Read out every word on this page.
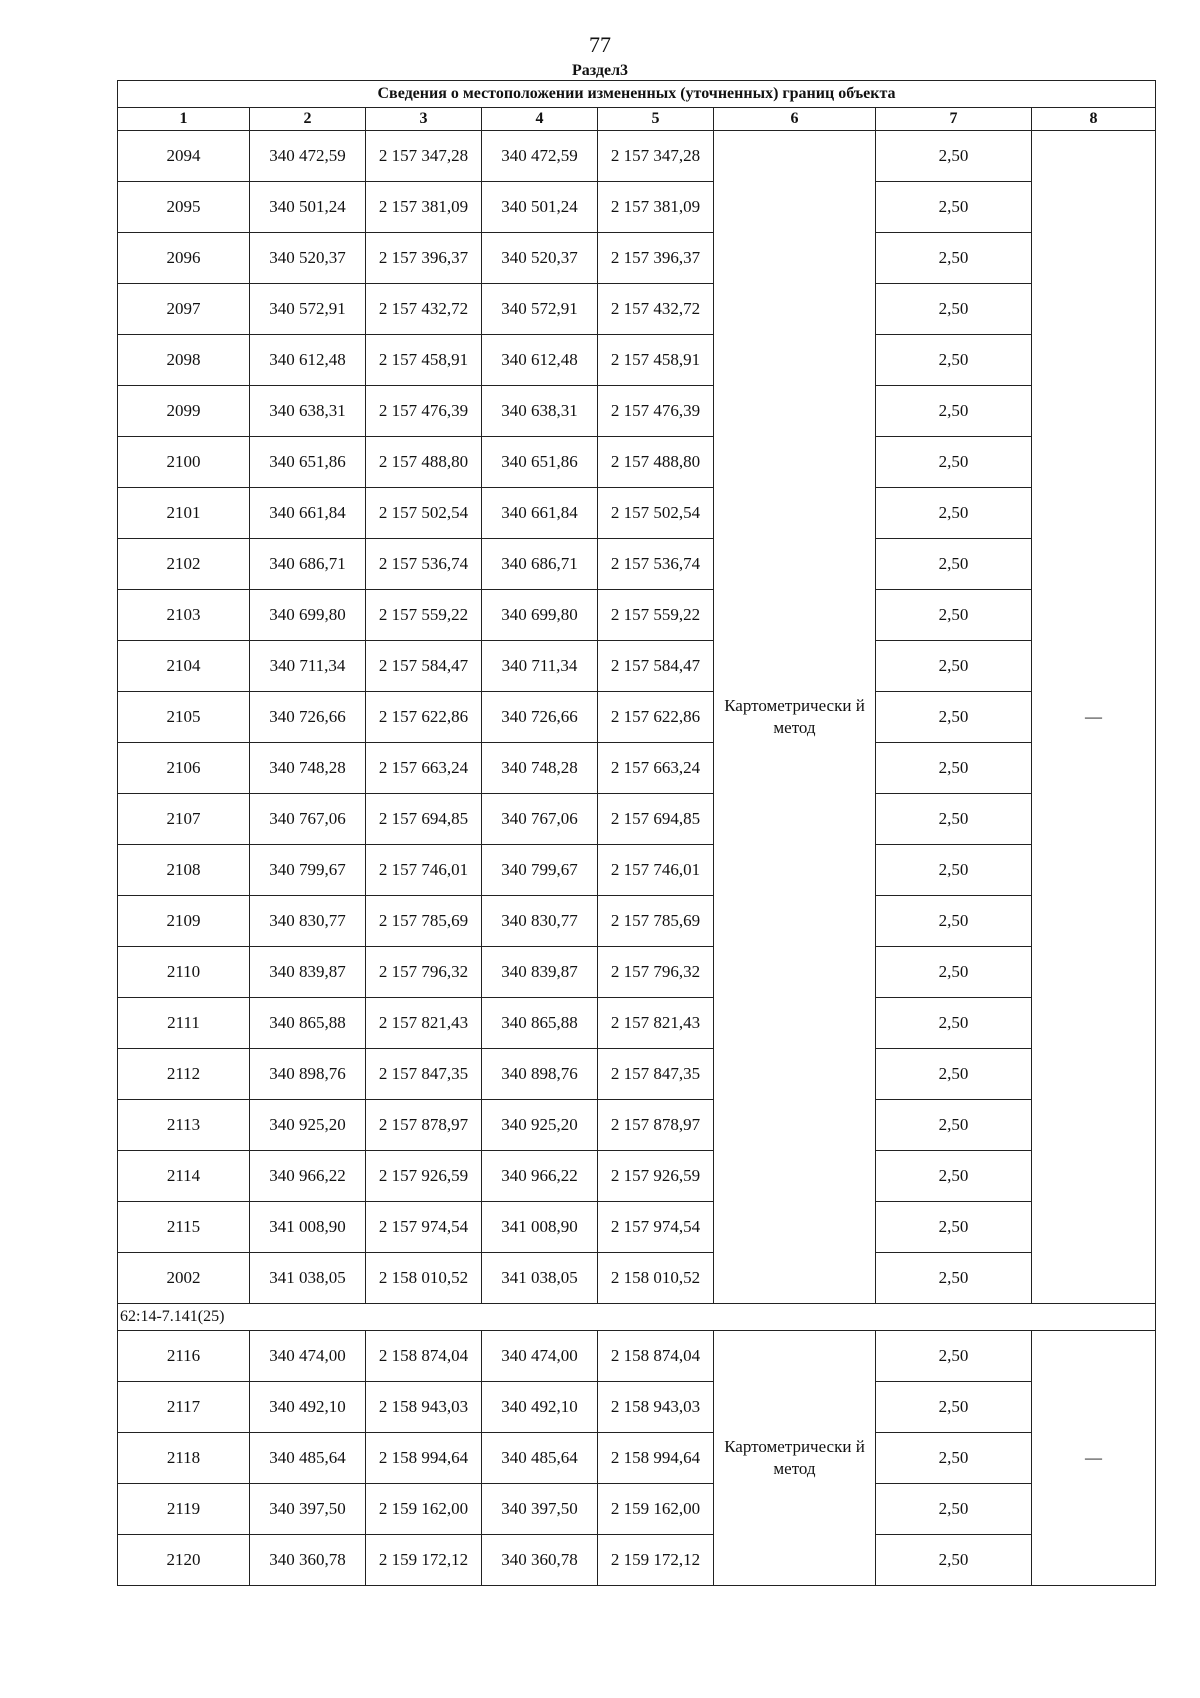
77
Раздел3
Сведения о местоположении измененных (уточненных) границ объекта							
1	2	3	4	5	6	7	8
2094	340 472,59	2 157 347,28	340 472,59	2 157 347,28	Картометрически й метод	2,50	—
2095	340 501,24	2 157 381,09	340 501,24	2 157 381,09		2,50	
2096	340 520,37	2 157 396,37	340 520,37	2 157 396,37		2,50	
2097	340 572,91	2 157 432,72	340 572,91	2 157 432,72		2,50	
2098	340 612,48	2 157 458,91	340 612,48	2 157 458,91		2,50	
2099	340 638,31	2 157 476,39	340 638,31	2 157 476,39		2,50	
2100	340 651,86	2 157 488,80	340 651,86	2 157 488,80		2,50	
2101	340 661,84	2 157 502,54	340 661,84	2 157 502,54		2,50	
2102	340 686,71	2 157 536,74	340 686,71	2 157 536,74		2,50	
2103	340 699,80	2 157 559,22	340 699,80	2 157 559,22		2,50	
2104	340 711,34	2 157 584,47	340 711,34	2 157 584,47		2,50	
2105	340 726,66	2 157 622,86	340 726,66	2 157 622,86		2,50	
2106	340 748,28	2 157 663,24	340 748,28	2 157 663,24		2,50	
2107	340 767,06	2 157 694,85	340 767,06	2 157 694,85		2,50	
2108	340 799,67	2 157 746,01	340 799,67	2 157 746,01		2,50	
2109	340 830,77	2 157 785,69	340 830,77	2 157 785,69		2,50	
2110	340 839,87	2 157 796,32	340 839,87	2 157 796,32		2,50	
2111	340 865,88	2 157 821,43	340 865,88	2 157 821,43		2,50	
2112	340 898,76	2 157 847,35	340 898,76	2 157 847,35		2,50	
2113	340 925,20	2 157 878,97	340 925,20	2 157 878,97		2,50	
2114	340 966,22	2 157 926,59	340 966,22	2 157 926,59		2,50	
2115	341 008,90	2 157 974,54	341 008,90	2 157 974,54		2,50	
2002	341 038,05	2 158 010,52	341 038,05	2 158 010,52		2,50	
62:14-7.141(25)							
2116	340 474,00	2 158 874,04	340 474,00	2 158 874,04	Картометрически й метод	2,50	—
2117	340 492,10	2 158 943,03	340 492,10	2 158 943,03		2,50	
2118	340 485,64	2 158 994,64	340 485,64	2 158 994,64		2,50	
2119	340 397,50	2 159 162,00	340 397,50	2 159 162,00		2,50	
2120	340 360,78	2 159 172,12	340 360,78	2 159 172,12		2,50	
